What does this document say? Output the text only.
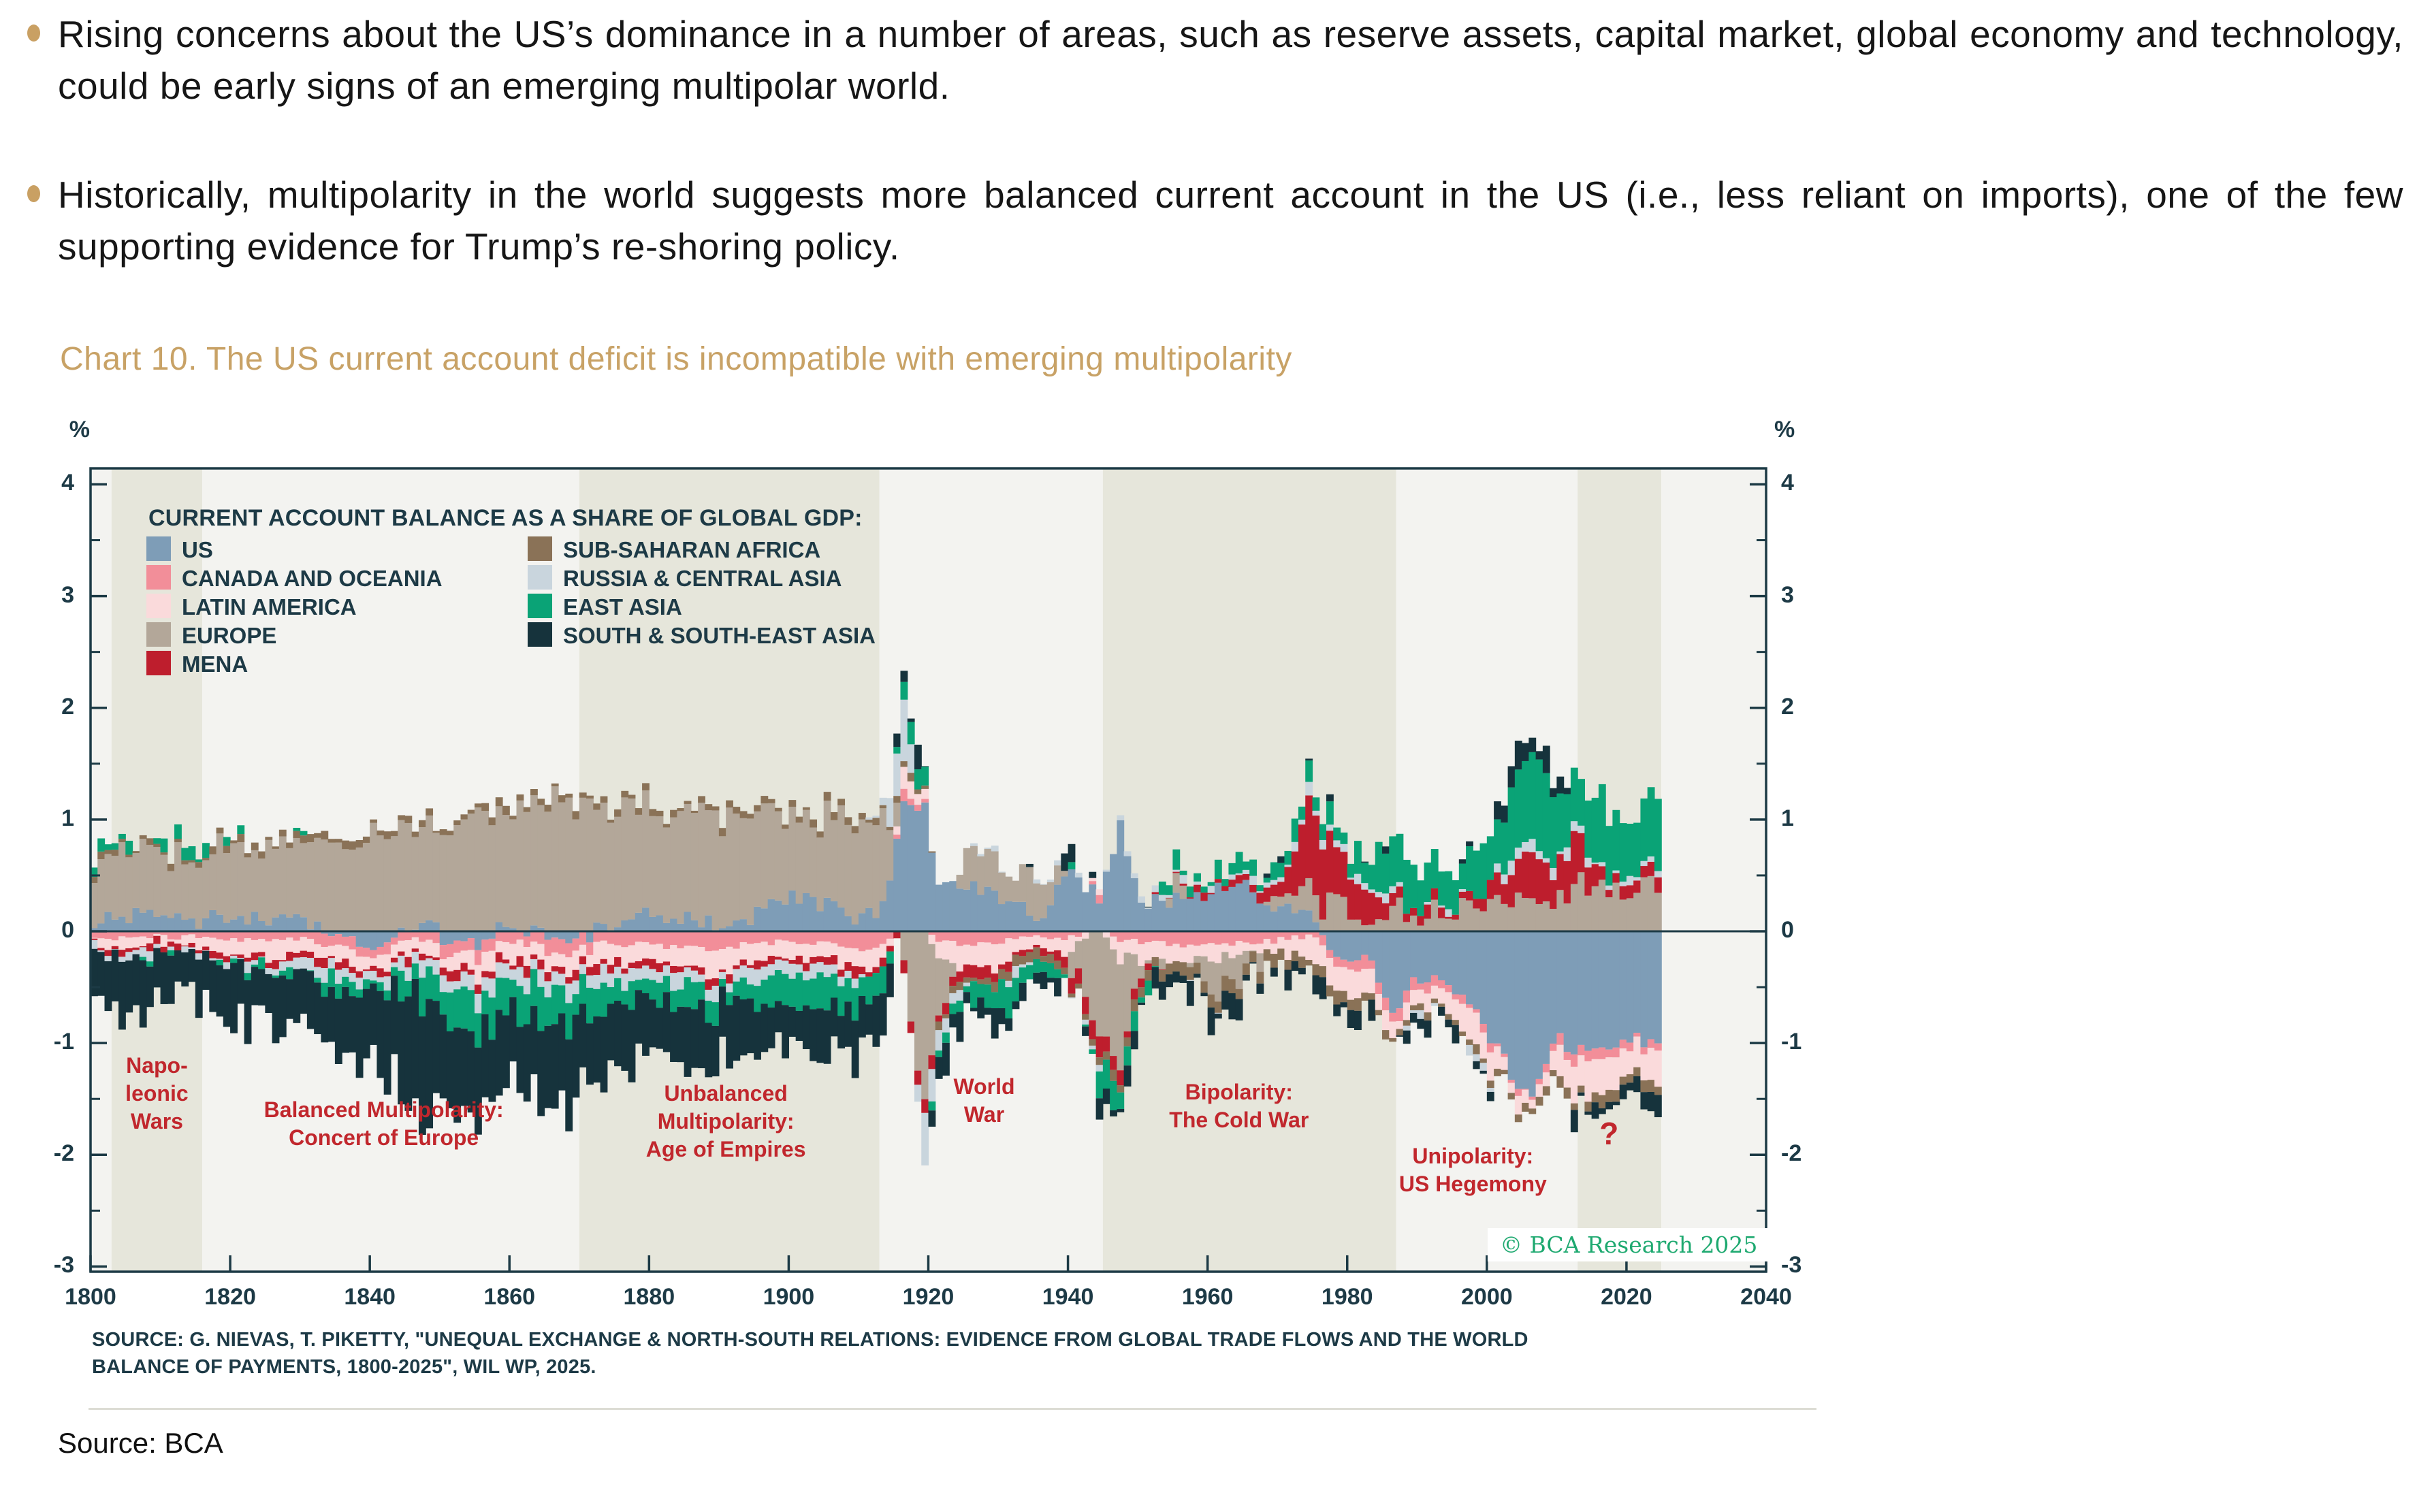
Rising concerns about the US’s dominance in a number of areas, such as reserve assets, capital market, global economy and technology, could be early signs of an emerging multipolar world.
Historically, multipolarity in the world suggests more balanced current account in the US (i.e., less reliant on imports), one of the few supporting evidence for Trump’s re-shoring policy.
Chart 10. The US current account deficit is incompatible with emerging multipolarity
%	%
CURRENT ACCOUNT BALANCE AS A SHARE OF GLOBAL GDP:
US
CANADA AND OCEANIA
LATIN AMERICA
EUROPE
MENA
SUB-SAHARAN AFRICA
RUSSIA & CENTRAL ASIA
EAST ASIA
SOUTH & SOUTH-EAST ASIA
4	4
3	3
2	2
1	1
0	0
-1	-1
-2	-2
-3	-3
1800	1820	1840	1860	1880	1900	1920	1940	1960	1980	2000	2020	2040
Napo-
leonic
Wars	Balanced Multipolarity:
Concert of Europe
Unbalanced
Multipolarity:
Age of Empires
World
War
Bipolarity:
The Cold War
Unipolarity:
US Hegemony
?
© BCΑ Research 2025
SOURCE: G. NIEVAS, T. PIKETTY, "UNEQUAL EXCHANGE & NORTH-SOUTH RELATIONS: EVIDENCE FROM GLOBAL TRADE FLOWS AND THE WORLD
BALANCE OF PAYMENTS, 1800-2025", WIL WP, 2025.
Source: BCA
